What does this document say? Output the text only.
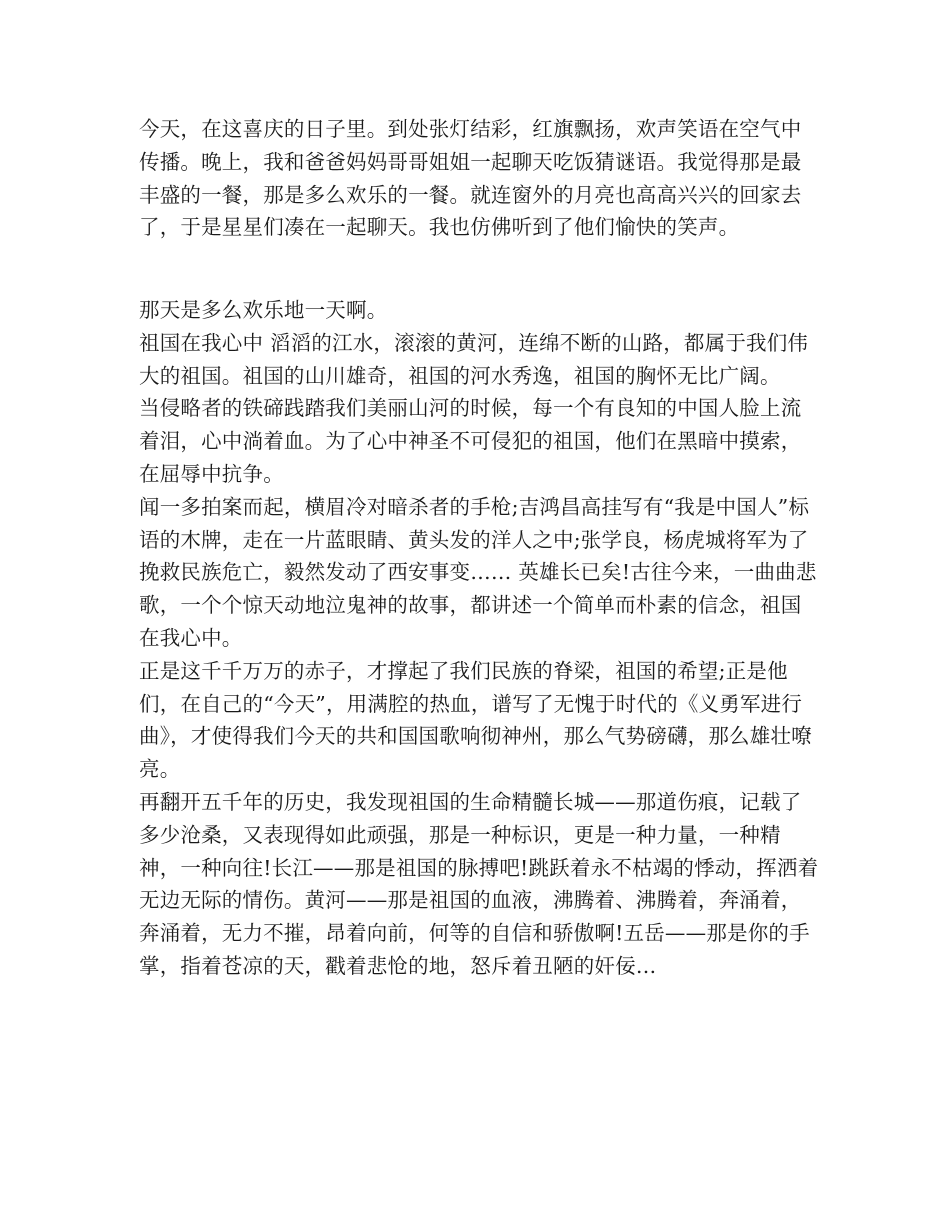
今天，在这喜庆的日子里。到处张灯结彩，红旗飘扬，欢声笑语在空气中传播。晚上，我和爸爸妈妈哥哥姐姐一起聊天吃饭猜谜语。我觉得那是最丰盛的一餐，那是多么欢乐的一餐。就连窗外的月亮也高高兴兴的回家去了，于是星星们凑在一起聊天。我也仿佛听到了他们愉快的笑声。

那天是多么欢乐地一天啊。

祖国在我心中 滔滔的江水，滚滚的黄河，连绵不断的山路，都属于我们伟大的祖国。祖国的山川雄奇，祖国的河水秀逸，祖国的胸怀无比广阔。

当侵略者的铁碲践踏我们美丽山河的时候，每一个有良知的中国人脸上流着泪，心中淌着血。为了心中神圣不可侵犯的祖国，他们在黑暗中摸索，在屈辱中抗争。

闻一多拍案而起，横眉冷对暗杀者的手枪;吉鸿昌高挂写有“我是中国人”标语的木牌，走在一片蓝眼睛、黄头发的洋人之中;张学良，杨虎城将军为了挽救民族危亡，毅然发动了西安事变…… 英雄长已矣!古往今来，一曲曲悲歌，一个个惊天动地泣鬼神的故事，都讲述一个简单而朴素的信念，祖国在我心中。

正是这千千万万的赤子，才撑起了我们民族的脊梁，祖国的希望;正是他们，在自己的“今天”，用满腔的热血，谱写了无愧于时代的《义勇军进行曲》，才使得我们今天的共和国国歌响彻神州，那么气势磅礴，那么雄壮嘹亮。

再翻开五千年的历史，我发现祖国的生命精髓长城——那道伤痕，记载了多少沧桑，又表现得如此顽强，那是一种标识，更是一种力量，一种精神，一种向往!长江——那是祖国的脉搏吧!跳跃着永不枯竭的悸动，挥洒着无边无际的情伤。黄河——那是祖国的血液，沸腾着、沸腾着，奔涌着，奔涌着，无力不摧，昂着向前，何等的自信和骄傲啊!五岳——那是你的手掌，指着苍凉的天，戳着悲怆的地，怒斥着丑陋的奸佞…
